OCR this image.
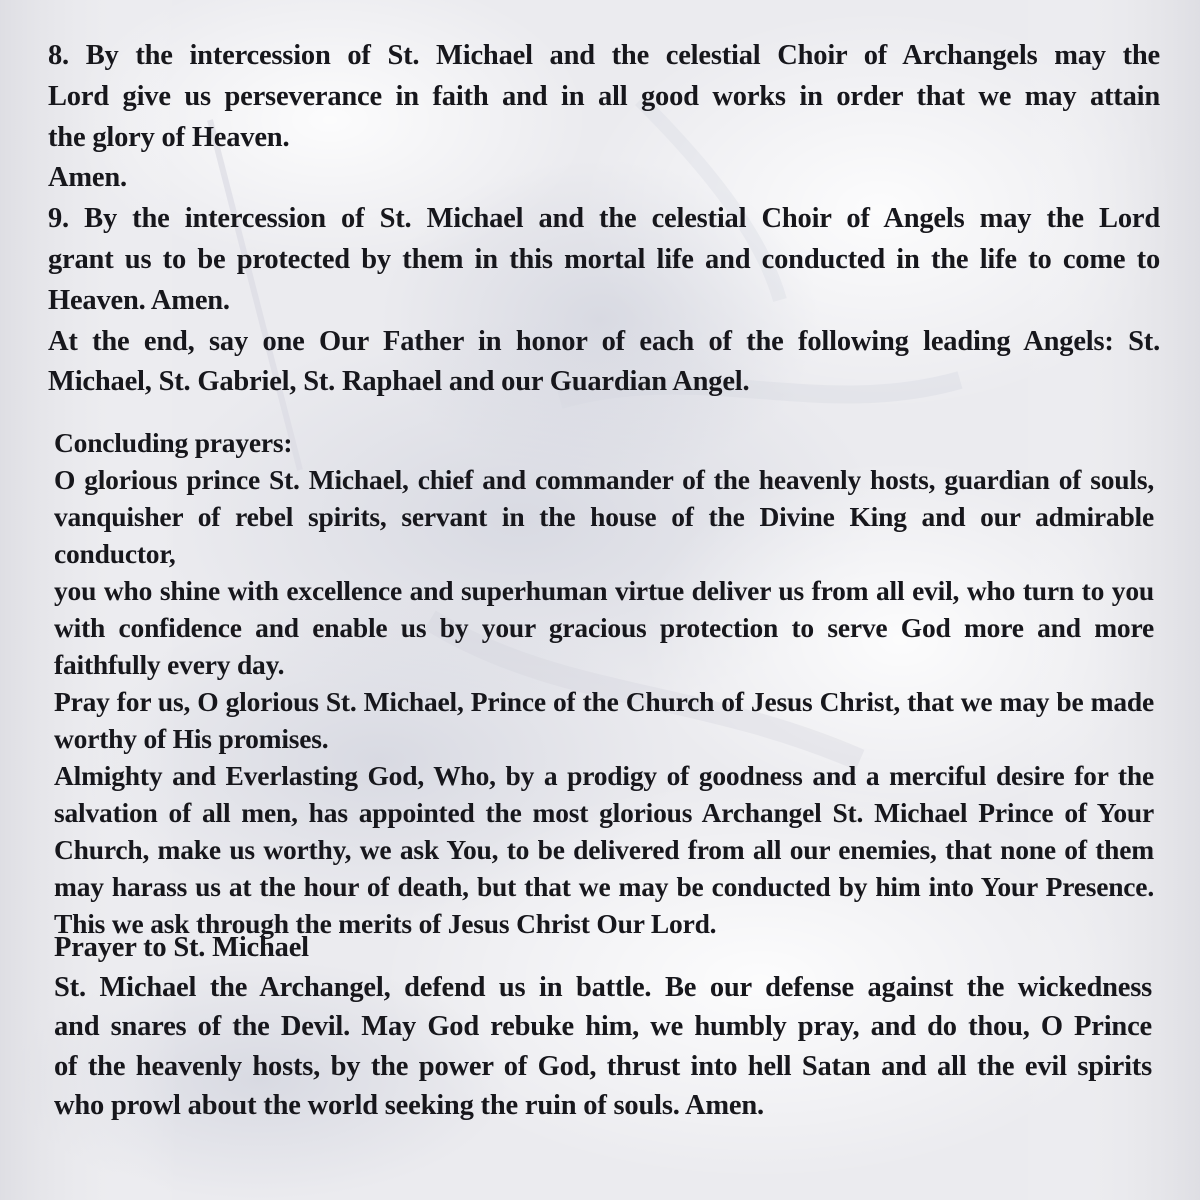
8. By the intercession of St. Michael and the celestial Choir of Archangels may the
Lord give us perseverance in faith and in all good works in order that we may attain
the glory of Heaven.
Amen.
9. By the intercession of St. Michael and the celestial Choir of Angels may the Lord
grant us to be protected by them in this mortal life and conducted in the life to come to
Heaven. Amen.
At the end, say one Our Father in honor of each of the following leading Angels: St.
Michael, St. Gabriel, St. Raphael and our Guardian Angel.
Concluding prayers:
O glorious prince St. Michael, chief and commander of the heavenly hosts, guardian of souls,
vanquisher of rebel spirits, servant in the house of the Divine King and our admirable conductor,
you who shine with excellence and superhuman virtue deliver us from all evil, who turn to you
with confidence and enable us by your gracious protection to serve God more and more
faithfully every day.
Pray for us, O glorious St. Michael, Prince of the Church of Jesus Christ, that we may be made
worthy of His promises.
Almighty and Everlasting God, Who, by a prodigy of goodness and a merciful desire for the
salvation of all men, has appointed the most glorious Archangel St. Michael Prince of Your
Church, make us worthy, we ask You, to be delivered from all our enemies, that none of them
may harass us at the hour of death, but that we may be conducted by him into Your Presence.
This we ask through the merits of Jesus Christ Our Lord.
Prayer to St. Michael
St. Michael the Archangel, defend us in battle. Be our defense against the wickedness
and snares of the Devil. May God rebuke him, we humbly pray, and do thou, O Prince
of the heavenly hosts, by the power of God, thrust into hell Satan and all the evil spirits
who prowl about the world seeking the ruin of souls. Amen.
